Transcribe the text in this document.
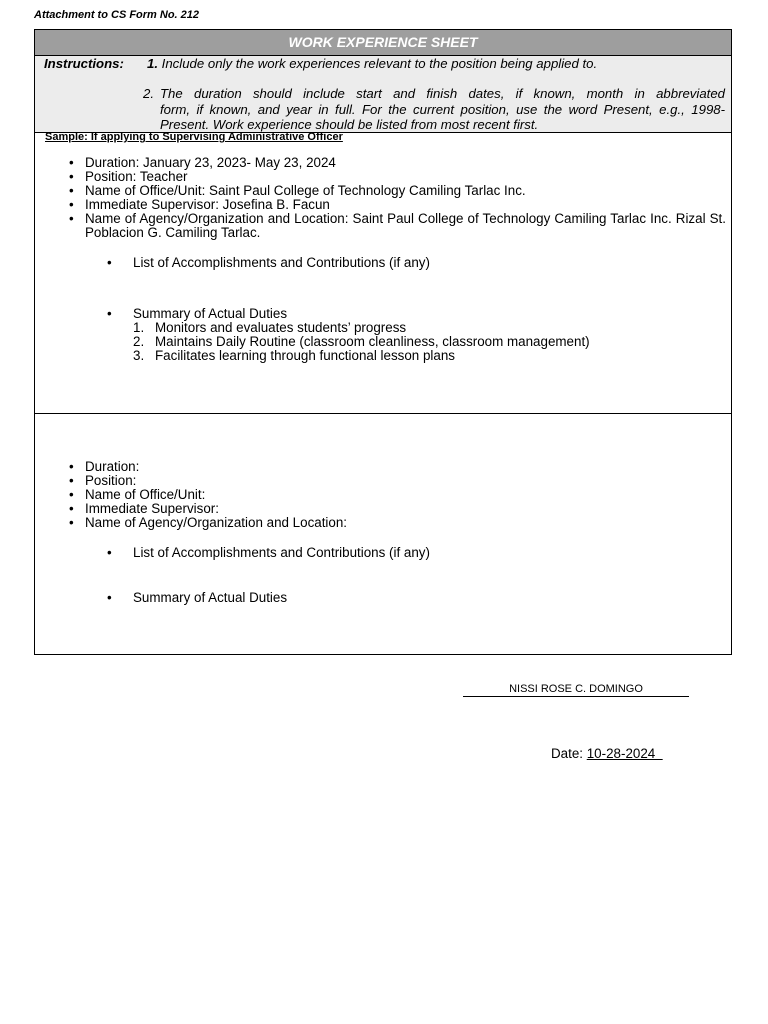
Attachment to CS Form No. 212
WORK EXPERIENCE SHEET
Instructions: 1. Include only the work experiences relevant to the position being applied to.
2. The duration should include start and finish dates, if known, month in abbreviated
form, if known, and year in full. For the current position, use the word Present, e.g., 1998-Present. Work experience should be listed from most recent first.
Sample: If applying to Supervising Administrative Officer
• Duration: January 23, 2023- May 23, 2024
• Position: Teacher
• Name of Office/Unit: Saint Paul College of Technology Camiling Tarlac Inc.
• Immediate Supervisor: Josefina B. Facun
• Name of Agency/Organization and Location: Saint Paul College of Technology Camiling Tarlac Inc. Rizal St. Poblacion G. Camiling Tarlac.
• List of Accomplishments and Contributions (if any)
• Summary of Actual Duties
1. Monitors and evaluates students’ progress
2. Maintains Daily Routine (classroom cleanliness, classroom management)
3. Facilitates learning through functional lesson plans
• Duration:
• Position:
• Name of Office/Unit:
• Immediate Supervisor:
• Name of Agency/Organization and Location:
• List of Accomplishments and Contributions (if any)
• Summary of Actual Duties
NISSI ROSE C. DOMINGO
Date: 10-28-2024
